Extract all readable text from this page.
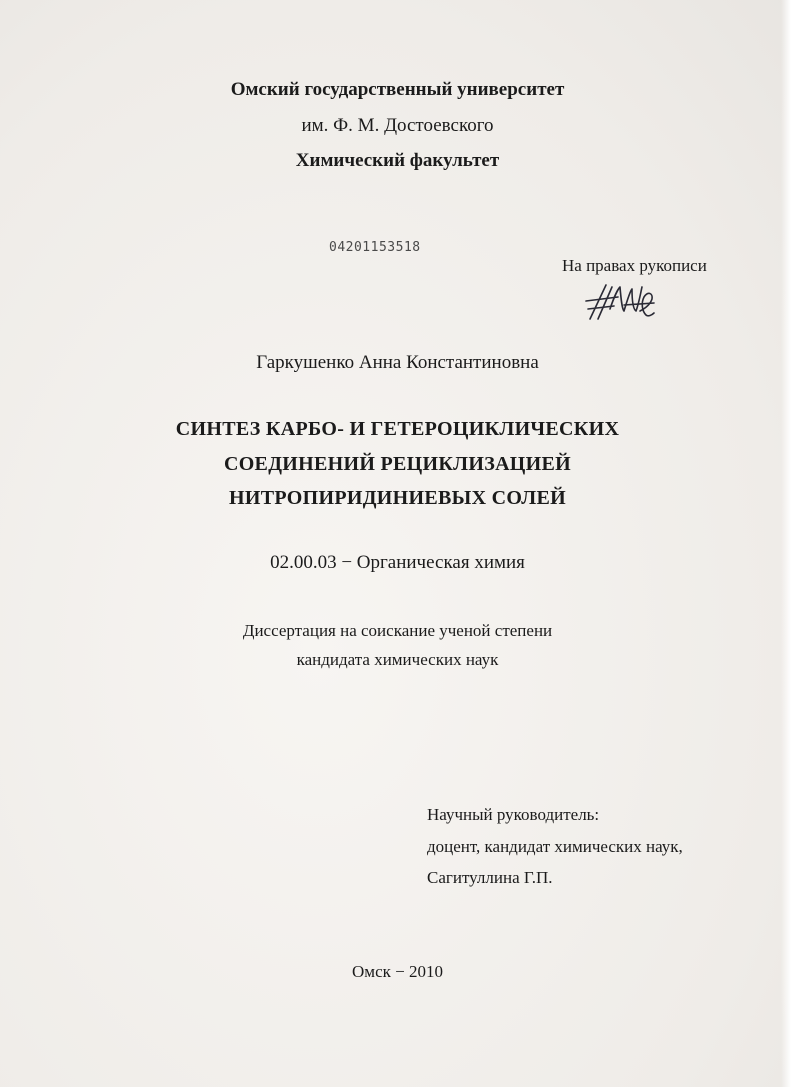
Омский государственный университет
им. Ф. М. Достоевского
Химический факультет
04201153518
На правах рукописи
Гаркушенко Анна Константиновна
СИНТЕЗ КАРБО- И ГЕТЕРОЦИКЛИЧЕСКИХ
СОЕДИНЕНИЙ РЕЦИКЛИЗАЦИЕЙ
НИТРОПИРИДИНИЕВЫХ СОЛЕЙ
02.00.03 − Органическая химия
Диссертация на соискание ученой степени
кандидата химических наук
Научный руководитель:
доцент, кандидат химических наук,
Сагитуллина Г.П.
Омск − 2010
